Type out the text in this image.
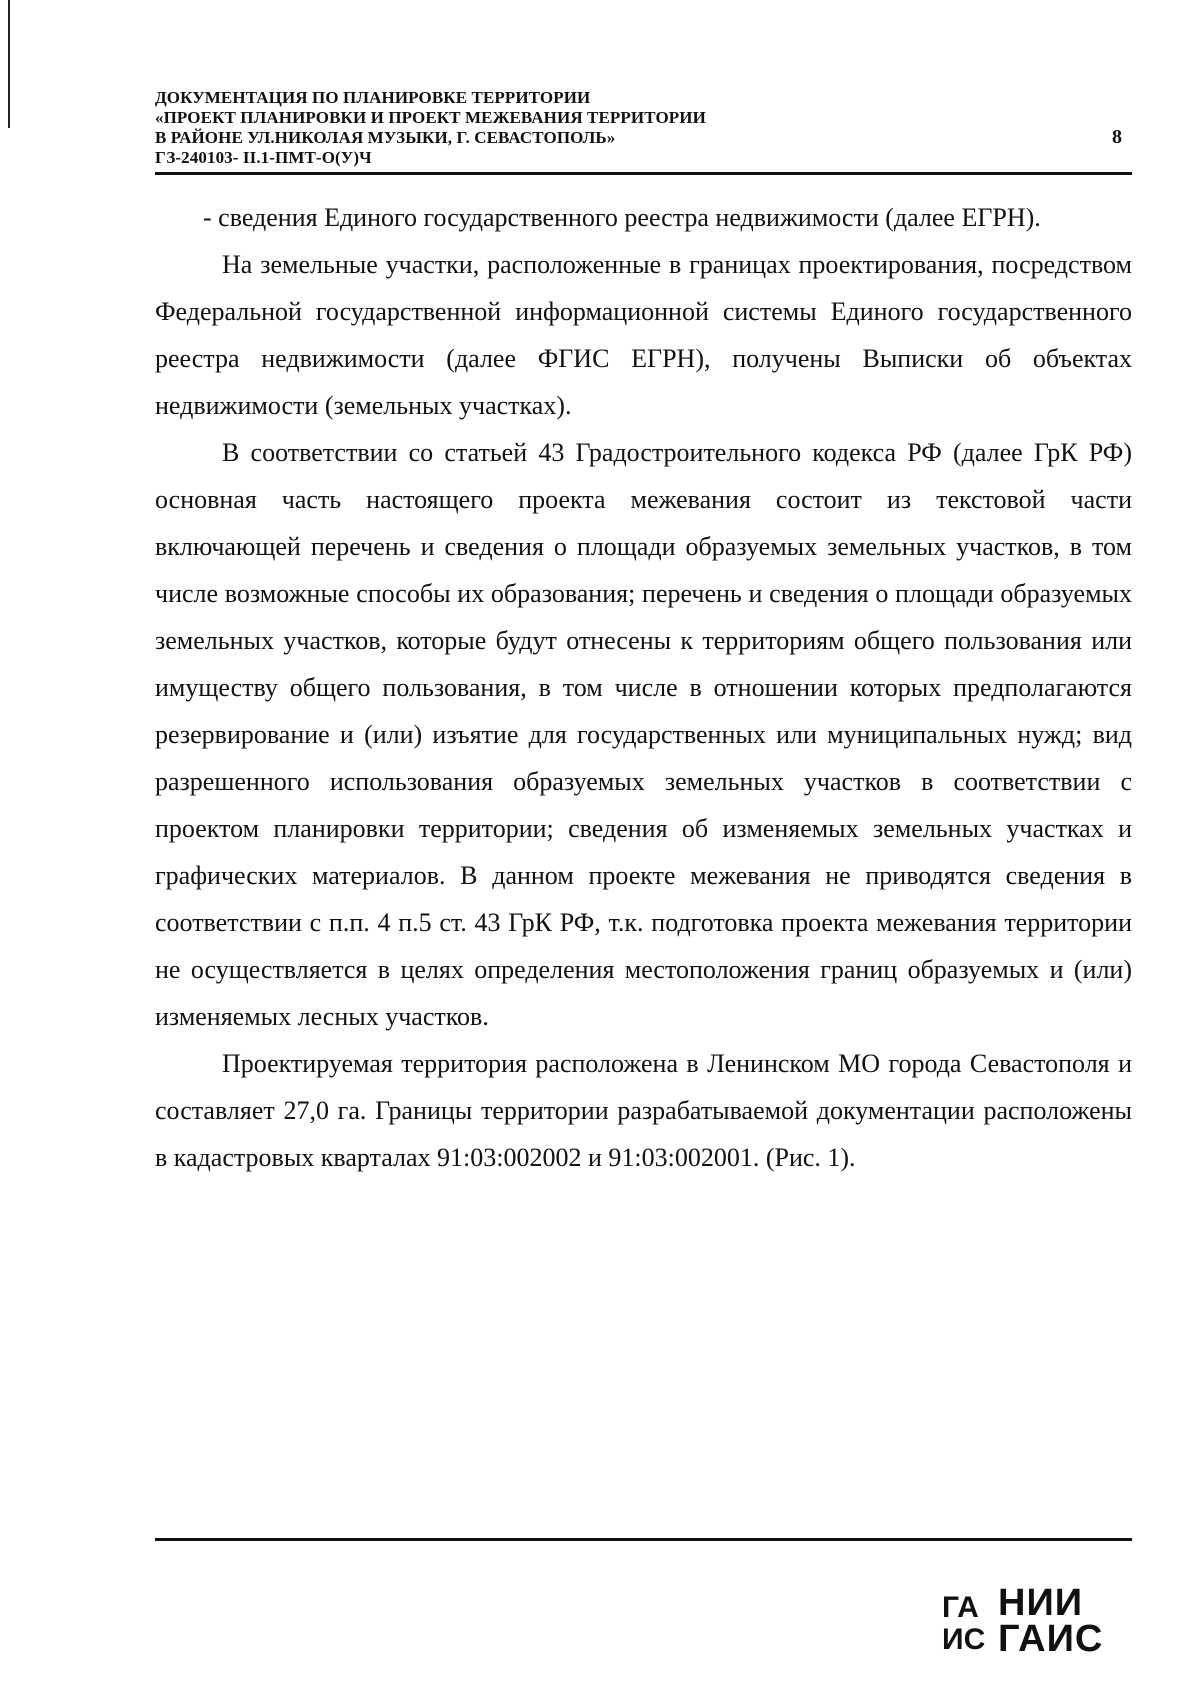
ДОКУМЕНТАЦИЯ ПО ПЛАНИРОВКЕ ТЕРРИТОРИИ
«ПРОЕКТ ПЛАНИРОВКИ И ПРОЕКТ МЕЖЕВАНИЯ ТЕРРИТОРИИ
В РАЙОНЕ УЛ.НИКОЛАЯ МУЗЫКИ, Г. СЕВАСТОПОЛЬ»
ГЗ-240103- II.1-ПМТ-О(У)Ч
8

- сведения Единого государственного реестра недвижимости (далее ЕГРН).

На земельные участки, расположенные в границах проектирования, посредством Федеральной государственной информационной системы Единого государственного реестра недвижимости (далее ФГИС ЕГРН), получены Выписки об объектах недвижимости (земельных участках).

В соответствии со статьей 43 Градостроительного кодекса РФ (далее ГрК РФ) основная часть настоящего проекта межевания состоит из текстовой части включающей перечень и сведения о площади образуемых земельных участков, в том числе возможные способы их образования; перечень и сведения о площади образуемых земельных участков, которые будут отнесены к территориям общего пользования или имуществу общего пользования, в том числе в отношении которых предполагаются резервирование и (или) изъятие для государственных или муниципальных нужд; вид разрешенного использования образуемых земельных участков в соответствии с проектом планировки территории; сведения об изменяемых земельных участках и графических материалов. В данном проекте межевания не приводятся сведения в соответствии с п.п. 4 п.5 ст. 43 ГрК РФ, т.к. подготовка проекта межевания территории не осуществляется в целях определения местоположения границ образуемых и (или) изменяемых лесных участков.

Проектируемая территория расположена в Ленинском МО города Севастополя и составляет 27,0 га. Границы территории разрабатываемой документации расположены в кадастровых кварталах 91:03:002002 и 91:03:002001. (Рис. 1).

ГА
ИС
НИИ
ГАИС
